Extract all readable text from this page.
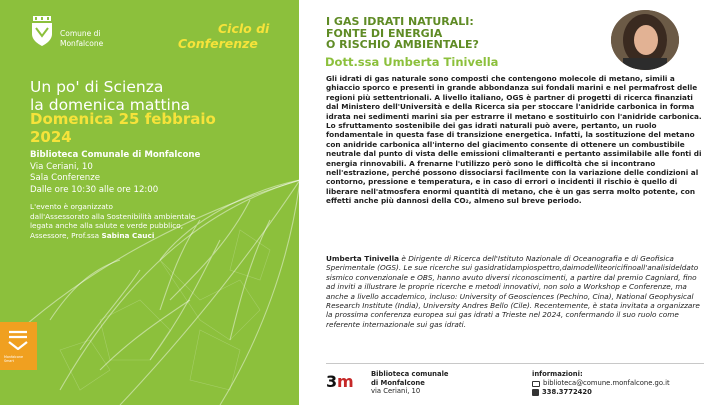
Comune di
Monfalcone
Ciclo di
Conferenze
Un po' di Scienza
la domenica mattina
Domenica 25 febbraio
2024
Biblioteca Comunale di Monfalcone
Via Ceriani, 10
Sala Conferenze
Dalle ore 10:30 alle ore 12:00
L'evento è organizzato
dall'Assessorato alla Sostenibilità ambientale
legata anche alla salute e verde pubblico,
Assessore, Prof.ssa Sabina Cauci
Monfalcone
Smart
I GAS IDRATI NATURALI:
FONTE DI ENERGIA
O RISCHIO AMBIENTALE?
Dott.ssa Umberta Tinivella
Gli idrati di gas naturale sono composti che contengono molecole di metano, simili a ghiaccio sporco e presenti in grande abbondanza sui fondali marini e nel permafrost delle regioni più settentrionali. A livello italiano, OGS è partner di progetti di ricerca finanziati dal Ministero dell'Università e della Ricerca sia per stoccare l'anidride carbonica in forma idrata nei sedimenti marini sia per estrarre il metano e sostituirlo con l'anidride carbonica. Lo sfruttamento sostenibile dei gas idrati naturali può avere, pertanto, un ruolo fondamentale in questa fase di transizione energetica. Infatti, la sostituzione del metano con anidride carbonica all'interno del giacimento consente di ottenere un combustibile neutrale dal punto di vista delle emissioni climalteranti e pertanto assimilabile alle fonti di energia rinnovabili. A frenarne l'utilizzo però sono le difficoltà che si incontrano nell'estrazione, perché possono dissociarsi facilmente con la variazione delle condizioni al contorno, pressione e temperatura, e in caso di errori o incidenti il rischio è quello di liberare nell'atmosfera enormi quantità di metano, che è un gas serra molto potente, con effetti anche più dannosi della CO₂, almeno sul breve periodo.
Umberta Tinivella è Dirigente di Ricerca dell'Istituto Nazionale di Oceanografia e di Geofisica Sperimentale (OGS). Le sue ricerche sui gasidratidampiospettro,daimodelliteoricifinoall'analisideldato sismico convenzionale e OBS, hanno avuto diversi riconoscimenti, a partire dal premio Cagniard, fino ad inviti a illustrare le proprie ricerche e metodi innovativi, non solo a Workshop e Conferenze, ma anche a livello accademico, incluso: University of Geosciences (Pechino, Cina), National Geophysical Research Institute (India), University Andres Bello (Cile). Recentemente, è stata invitata a organizzare la prossima conferenza europea sui gas idrati a Trieste nel 2024, confermando il suo ruolo come referente internazionale sui gas idrati.
3 m	Biblioteca comunale
di Monfalcone
via Ceriani, 10
informazioni:
biblioteca@comune.monfalcone.go.it
338.3772420
